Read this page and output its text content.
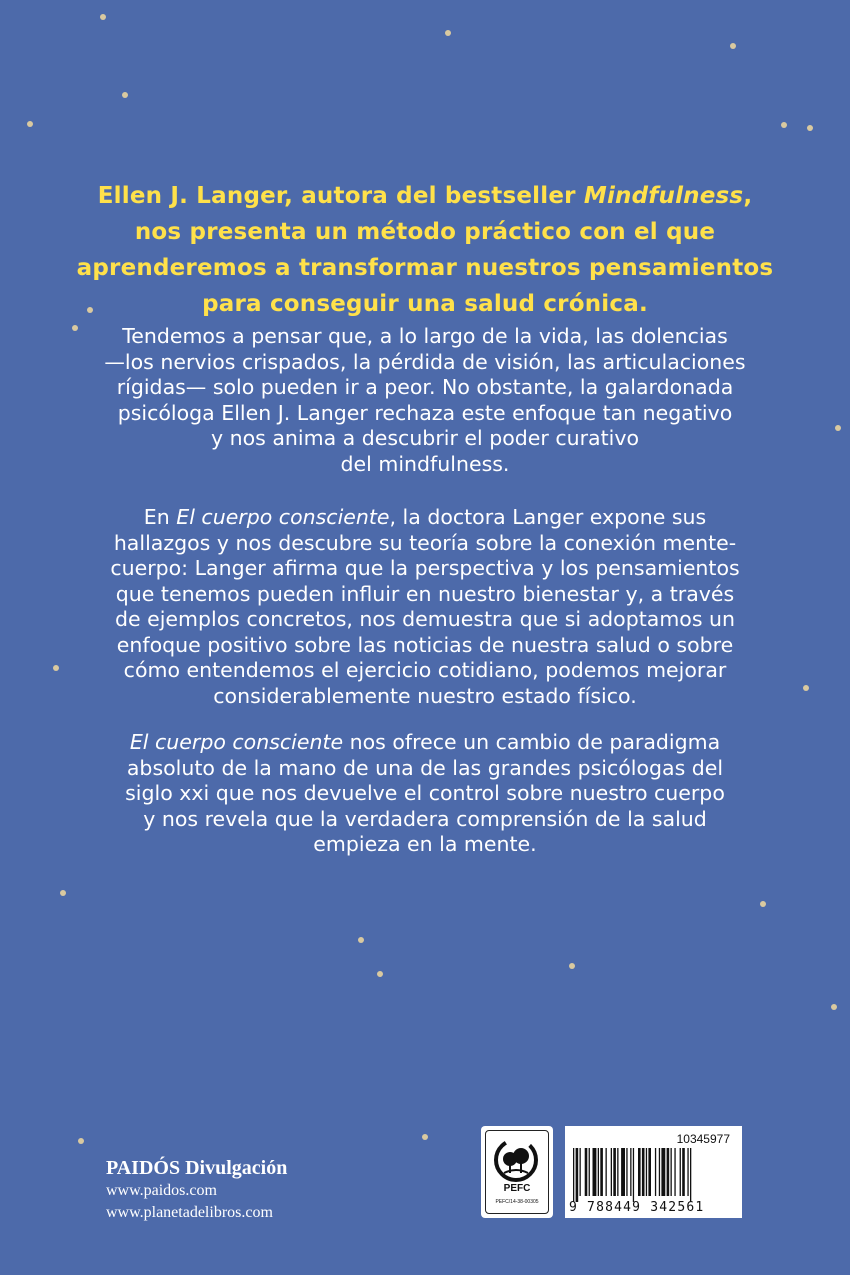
Ellen J. Langer, autora del bestseller Mindfulness,
nos presenta un método práctico con el que
aprenderemos a transformar nuestros pensamientos
para conseguir una salud crónica.
Tendemos a pensar que, a lo largo de la vida, las dolencias
—los nervios crispados, la pérdida de visión, las articulaciones
rígidas— solo pueden ir a peor. No obstante, la galardonada
psicóloga Ellen J. Langer rechaza este enfoque tan negativo
y nos anima a descubrir el poder curativo
del mindfulness.
En El cuerpo consciente, la doctora Langer expone sus
hallazgos y nos descubre su teoría sobre la conexión mente-
cuerpo: Langer afirma que la perspectiva y los pensamientos
que tenemos pueden influir en nuestro bienestar y, a través
de ejemplos concretos, nos demuestra que si adoptamos un
enfoque positivo sobre las noticias de nuestra salud o sobre
cómo entendemos el ejercicio cotidiano, podemos mejorar
considerablemente nuestro estado físico.
El cuerpo consciente nos ofrece un cambio de paradigma
absoluto de la mano de una de las grandes psicólogas del
siglo xxi que nos devuelve el control sobre nuestro cuerpo
y nos revela que la verdadera comprensión de la salud
empieza en la mente.
PAIDÓS Divulgación
www.paidos.com
www.planetadelibros.com
PEFC
PEFC/14-38-00305
10345977
9 788449 342561
